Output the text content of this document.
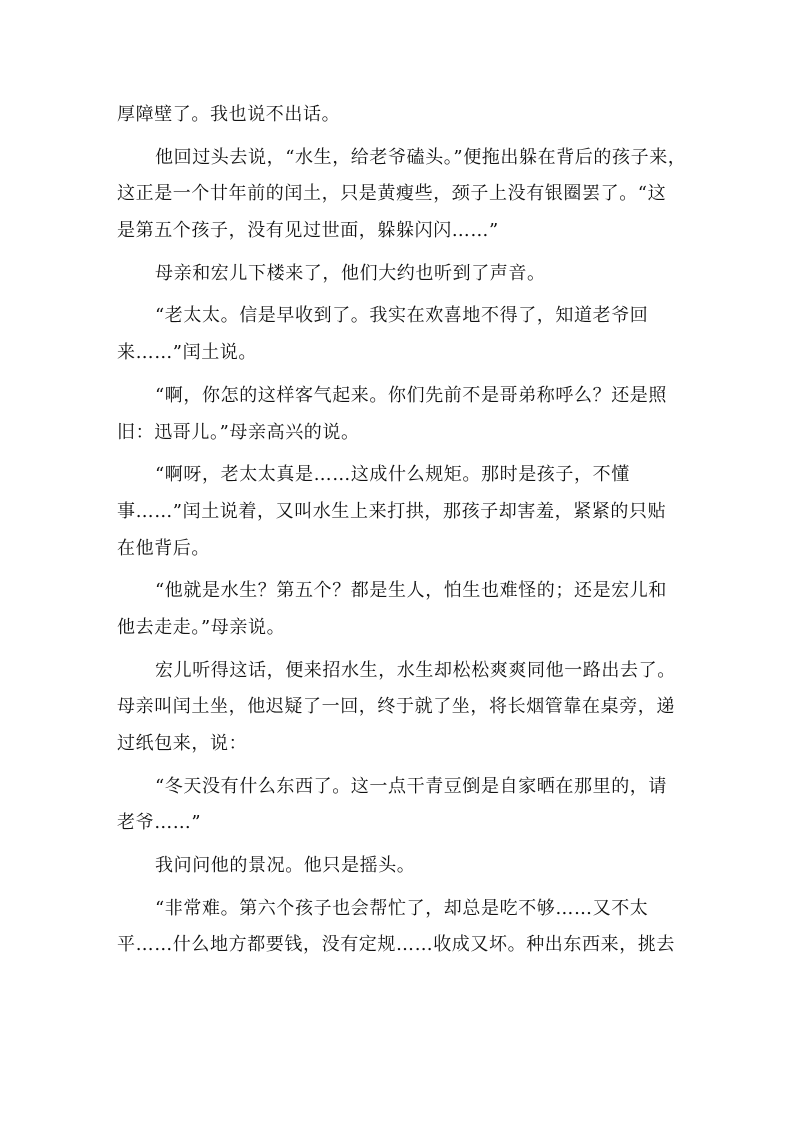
厚障壁了。我也说不出话。
他回过头去说，“水生，给老爷磕头。”便拖出躲在背后的孩子来，
这正是一个廿年前的闰土，只是黄瘦些，颈子上没有银圈罢了。“这
是第五个孩子，没有见过世面，躲躲闪闪……”
母亲和宏儿下楼来了，他们大约也听到了声音。
“老太太。信是早收到了。我实在欢喜地不得了，知道老爷回
来……”闰土说。
“啊，你怎的这样客气起来。你们先前不是哥弟称呼么？还是照
旧：迅哥儿。”母亲高兴的说。
“啊呀，老太太真是……这成什么规矩。那时是孩子，不懂
事……”闰土说着，又叫水生上来打拱，那孩子却害羞，紧紧的只贴
在他背后。
“他就是水生？第五个？都是生人，怕生也难怪的；还是宏儿和
他去走走。”母亲说。
宏儿听得这话，便来招水生，水生却松松爽爽同他一路出去了。
母亲叫闰土坐，他迟疑了一回，终于就了坐，将长烟管靠在桌旁，递
过纸包来，说：
“冬天没有什么东西了。这一点干青豆倒是自家晒在那里的，请
老爷……”
我问问他的景况。他只是摇头。
“非常难。第六个孩子也会帮忙了，却总是吃不够……又不太
平……什么地方都要钱，没有定规……收成又坏。种出东西来，挑去
